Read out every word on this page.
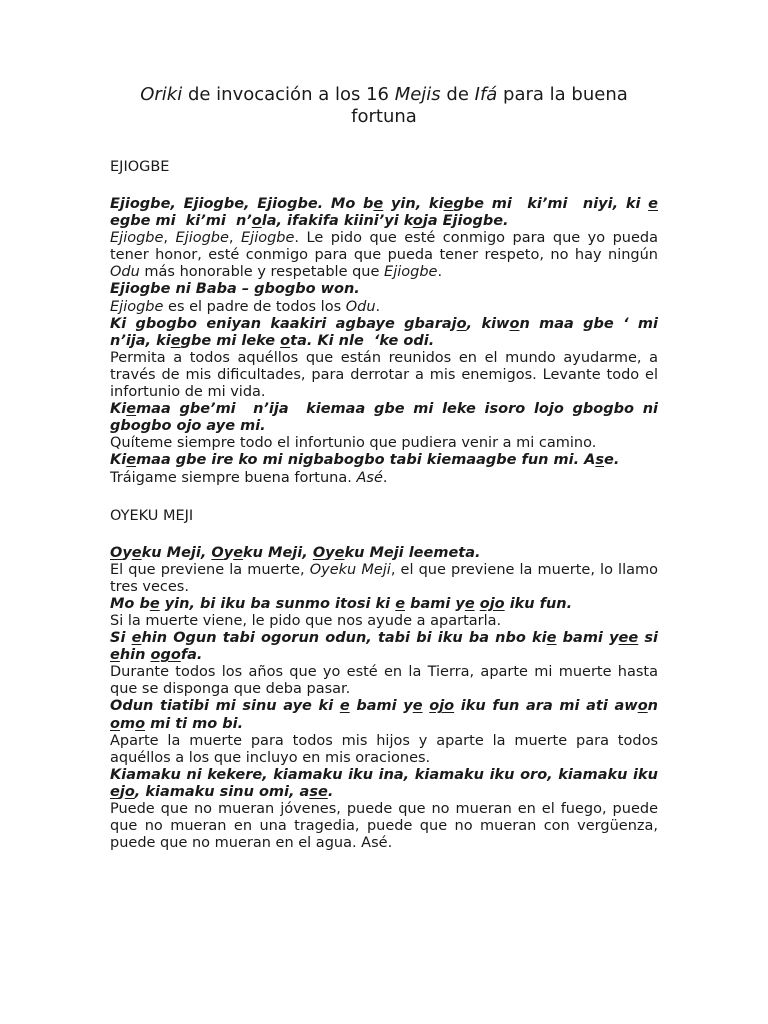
Oriki de invocación a los 16 Mejis de Ifá para la buena fortuna
EJIOGBE

Ejiogbe, Ejiogbe, Ejiogbe. Mo be yin, kiegbe mi  ki’mi  niyi, ki e egbe mi  ki’mi  n’ola, ifakifa kiini’yi koja Ejiogbe.

Ejiogbe, Ejiogbe, Ejiogbe. Le pido que esté conmigo para que yo pueda tener honor, esté conmigo para que pueda tener respeto, no hay ningún Odu más honorable y respetable que Ejiogbe.

Ejiogbe ni Baba – gbogbo won.

Ejiogbe es el padre de todos los Odu.

Ki gbogbo eniyan kaakiri agbaye gbarajo, kiwon maa gbe ‘ mi n’ija, kiegbe mi leke ota. Ki nle  ‘ke odi.

Permita a todos aquéllos que están reunidos en el mundo ayudarme, a través de mis dificultades, para derrotar a mis enemigos. Levante todo el infortunio de mi vida.

Kiemaa gbe’mi  n’ija  kiemaa gbe mi leke isoro lojo gbogbo ni gbogbo ojo aye mi.

Quíteme siempre todo el infortunio que pudiera venir a mi camino.

Kiemaa gbe ire ko mi nigbabogbo tabi kiemaagbe fun mi. Ase.

Tráigame siempre buena fortuna. Asé.

OYEKU MEJI

Oyeku Meji, Oyeku Meji, Oyeku Meji leemeta.

El que previene la muerte, Oyeku Meji, el que previene la muerte, lo llamo tres veces.

Mo be yin, bi iku ba sunmo itosi ki e bami ye ojo iku fun.

Si la muerte viene, le pido que nos ayude a apartarla.

Si ehin Ogun tabi ogorun odun, tabi bi iku ba nbo kie bami yee si ehin ogofa.

Durante todos los años que yo esté en la Tierra, aparte mi muerte hasta que se disponga que deba pasar.

Odun tiatibi mi sinu aye ki e bami ye ojo iku fun ara mi ati awon omo mi ti mo bi.

Aparte la muerte para todos mis hijos y aparte la muerte para todos aquéllos a los que incluyo en mis oraciones.

Kiamaku ni kekere, kiamaku iku ina, kiamaku iku oro, kiamaku iku ejo, kiamaku sinu omi, ase.

Puede que no mueran jóvenes, puede que no mueran en el fuego, puede que no mueran en una tragedia, puede que no mueran con vergüenza, puede que no mueran en el agua. Asé.
